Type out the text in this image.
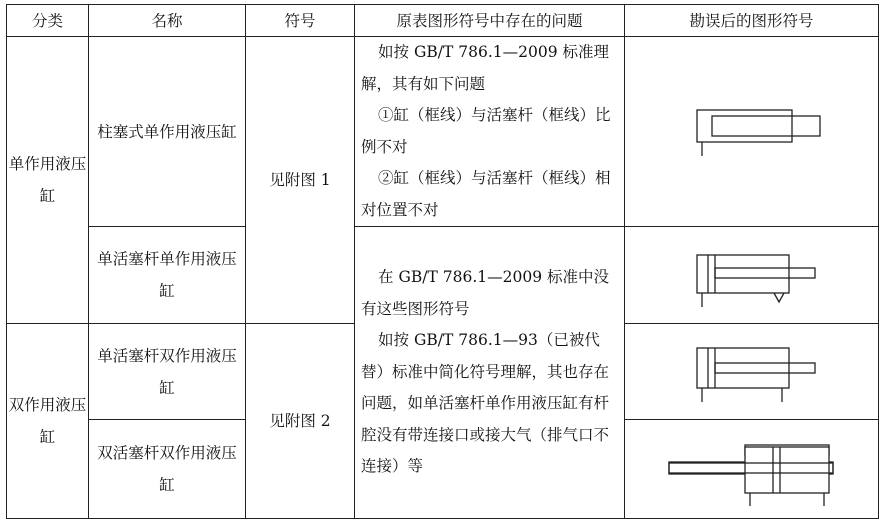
分类	名称	符号	原表图形符号中存在的问题	勘误后的图形符号
单作用液压缸	柱塞式单作用液压缸	见附图 1	如按 GB/T 786.1—2009 标准理解，其有如下问题

①缸（框线）与活塞杆（框线）比例不对

②缸（框线）与活塞杆（框线）相对位置不对

	单活塞杆单作用液压缸		在 GB/T 786.1—2009 标准中没有这些图形符号

如按 GB/T 786.1—93（已被代替）标准中简化符号理解，其也存在问题，如单活塞杆单作用液压缸有杆腔没有带连接口或接大气（排气口不连接）等

双作用液压缸	单活塞杆双作用液压缸	见附图 2	

	双活塞杆双作用液压缸	
